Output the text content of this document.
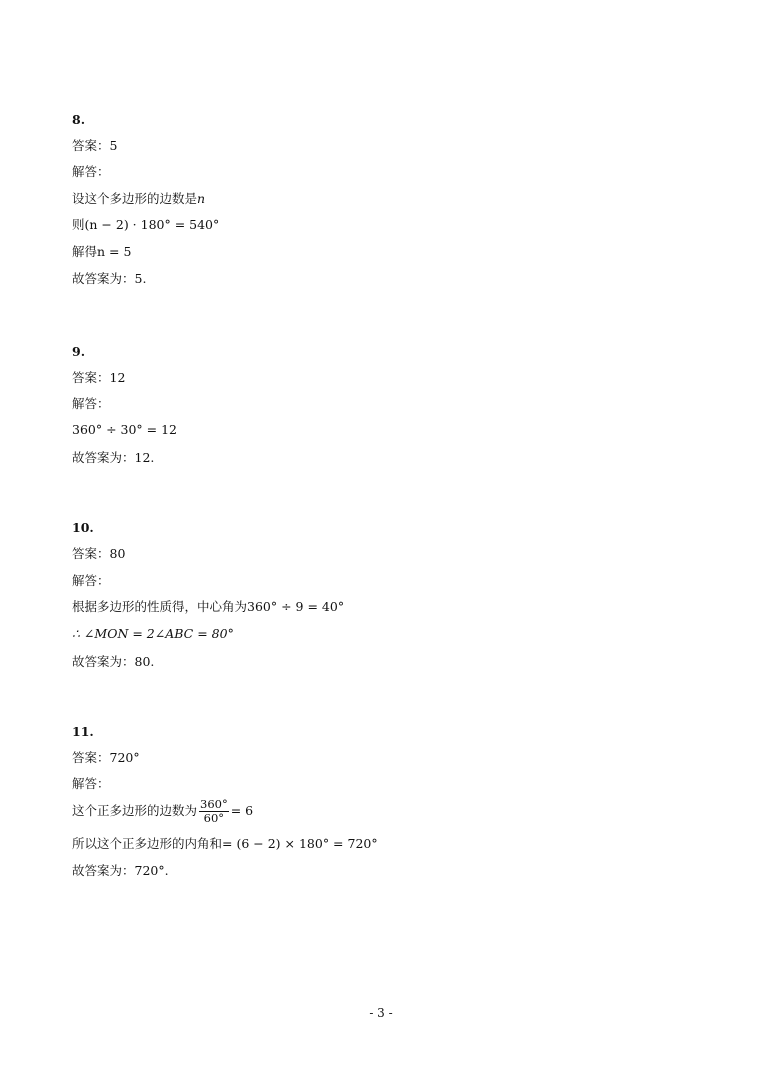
8.
答案：5
解答：
设这个多边形的边数是n
则(n − 2) · 180° = 540°
解得n = 5
故答案为：5.
9.
答案：12
解答：
360° ÷ 30° = 12
故答案为：12.
10.
答案：80
解答：
根据多边形的性质得，中心角为360° ÷ 9 = 40°
∴ ∠MON = 2∠ABC = 80°
故答案为：80.
11.
答案：720°
解答：
这个正多边形的边数为 $\frac{360^\circ}{60^\circ} = 6$
所以这个正多边形的内角和= (6 − 2) × 180° = 720°
故答案为：720°.
- 3 -
